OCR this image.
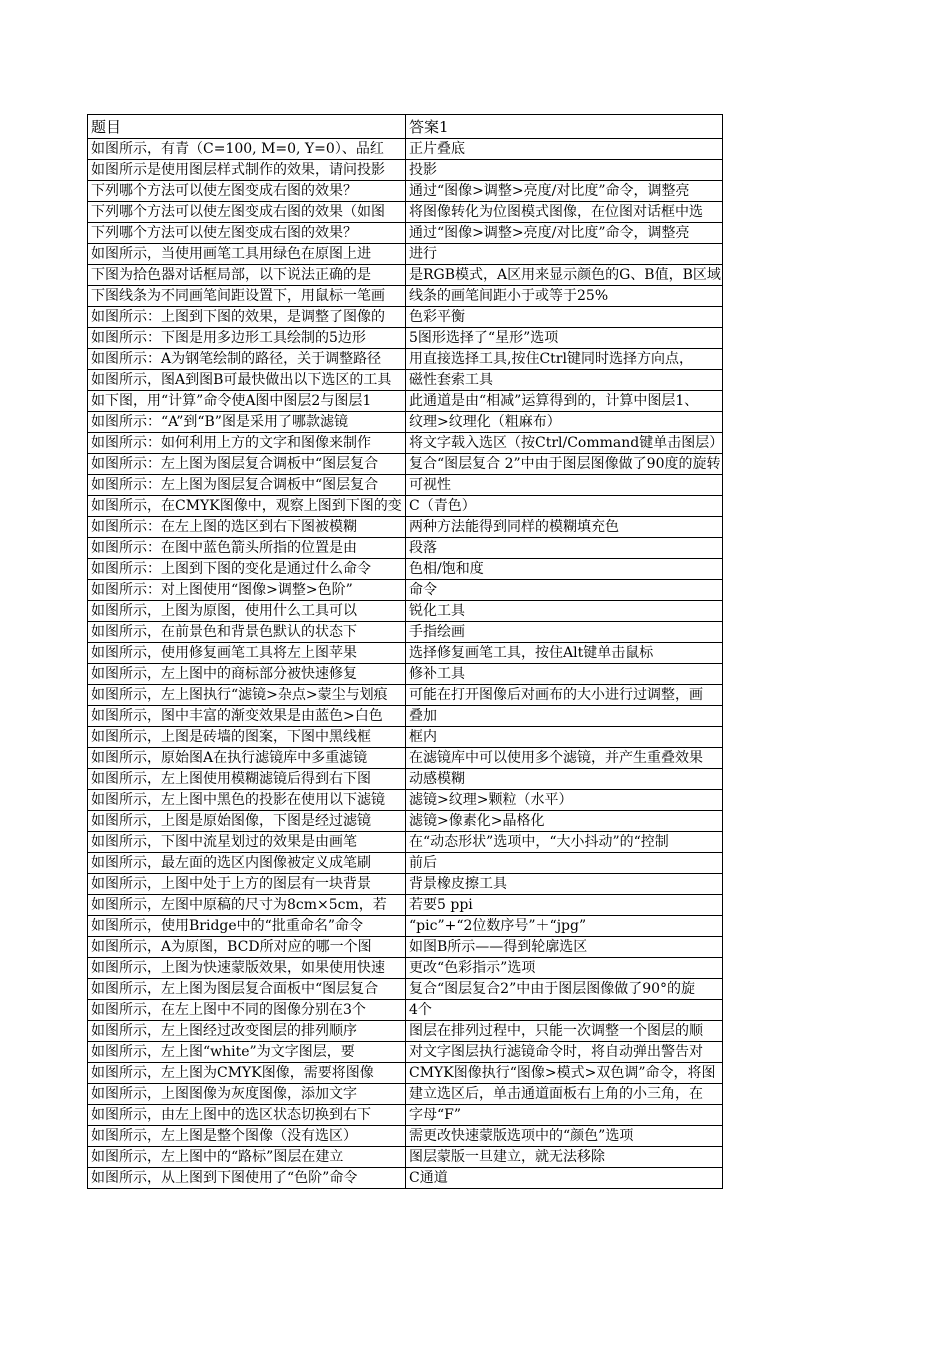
题目	答案1
如图所示，有青（C=100, M=0, Y=0）、品红	正片叠底
如图所示是使用图层样式制作的效果，请问投影	投影
下列哪个方法可以使左图变成右图的效果？	通过“图像>调整>亮度/对比度”命令，调整亮
下列哪个方法可以使左图变成右图的效果（如图	将图像转化为位图模式图像，在位图对话框中选
下列哪个方法可以使左图变成右图的效果？	通过“图像>调整>亮度/对比度”命令，调整亮
如图所示，当使用画笔工具用绿色在原图上进	进行
下图为拾色器对话框局部，以下说法正确的是	是RGB模式，A区用来显示颜色的G、B值，B区域
下图线条为不同画笔间距设置下，用鼠标一笔画	线条的画笔间距小于或等于25%
如图所示：上图到下图的效果，是调整了图像的	色彩平衡
如图所示：下图是用多边形工具绘制的5边形	5图形选择了“星形”选项
如图所示：A为钢笔绘制的路径，关于调整路径	用直接选择工具,按住Ctrl键同时选择方向点，
如图所示，图A到图B可最快做出以下选区的工具	磁性套索工具
如下图，用“计算”命令使A图中图层2与图层1	此通道是由“相减”运算得到的，计算中图层1、
如图所示：“A”到“B”图是采用了哪款滤镜	纹理>纹理化（粗麻布）
如图所示：如何利用上方的文字和图像来制作	将文字载入选区（按Ctrl/Command键单击图层）
如图所示：左上图为图层复合调板中“图层复合	复合“图层复合 2”中由于图层图像做了90度的旋转
如图所示：左上图为图层复合调板中“图层复合	可视性
如图所示，在CMYK图像中，观察上图到下图的变	C（青色）
如图所示：在左上图的选区到右下图被模糊	两种方法能得到同样的模糊填充色
如图所示：在图中蓝色箭头所指的位置是由	段落
如图所示：上图到下图的变化是通过什么命令	色相/饱和度
如图所示：对上图使用“图像>调整>色阶”	命令
如图所示，上图为原图，使用什么工具可以	锐化工具
如图所示，在前景色和背景色默认的状态下	手指绘画
如图所示，使用修复画笔工具将左上图苹果	选择修复画笔工具，按住Alt键单击鼠标
如图所示，左上图中的商标部分被快速修复	修补工具
如图所示，左上图执行“滤镜>杂点>蒙尘与划痕	可能在打开图像后对画布的大小进行过调整，画
如图所示，图中丰富的渐变效果是由蓝色>白色	叠加
如图所示，上图是砖墙的图案，下图中黑线框	框内
如图所示，原始图A在执行滤镜库中多重滤镜	在滤镜库中可以使用多个滤镜，并产生重叠效果
如图所示，左上图使用模糊滤镜后得到右下图	动感模糊
如图所示，左上图中黑色的投影在使用以下滤镜	滤镜>纹理>颗粒（水平）
如图所示，上图是原始图像，下图是经过滤镜	滤镜>像素化>晶格化
如图所示，下图中流星划过的效果是由画笔	在“动态形状”选项中，“大小抖动”的“控制
如图所示，最左面的选区内图像被定义成笔刷	前后
如图所示，上图中处于上方的图层有一块背景	背景橡皮擦工具
如图所示，左图中原稿的尺寸为8cm×5cm，若	若要5 ppi
如图所示，使用Bridge中的“批重命名”命令	“pic”+“2位数序号”＋“jpg”
如图所示，A为原图，BCD所对应的哪一个图	如图B所示——得到轮廓选区
如图所示，上图为快速蒙版效果，如果使用快速	更改“色彩指示”选项
如图所示，左上图为图层复合面板中“图层复合	复合“图层复合2”中由于图层图像做了90°的旋
如图所示，在左上图中不同的图像分别在3个	4个
如图所示，左上图经过改变图层的排列顺序	图层在排列过程中，只能一次调整一个图层的顺
如图所示，左上图“white”为文字图层，要	对文字图层执行滤镜命令时，将自动弹出警告对
如图所示，左上图为CMYK图像，需要将图像	CMYK图像执行“图像>模式>双色调”命令，将图
如图所示，上图图像为灰度图像，添加文字	建立选区后，单击通道面板右上角的小三角，在
如图所示，由左上图中的选区状态切换到右下	字母“F”
如图所示，左上图是整个图像（没有选区）	需更改快速蒙版选项中的“颜色”选项
如图所示，左上图中的“路标”图层在建立	图层蒙版一旦建立，就无法移除
如图所示，从上图到下图使用了“色阶”命令	C通道
